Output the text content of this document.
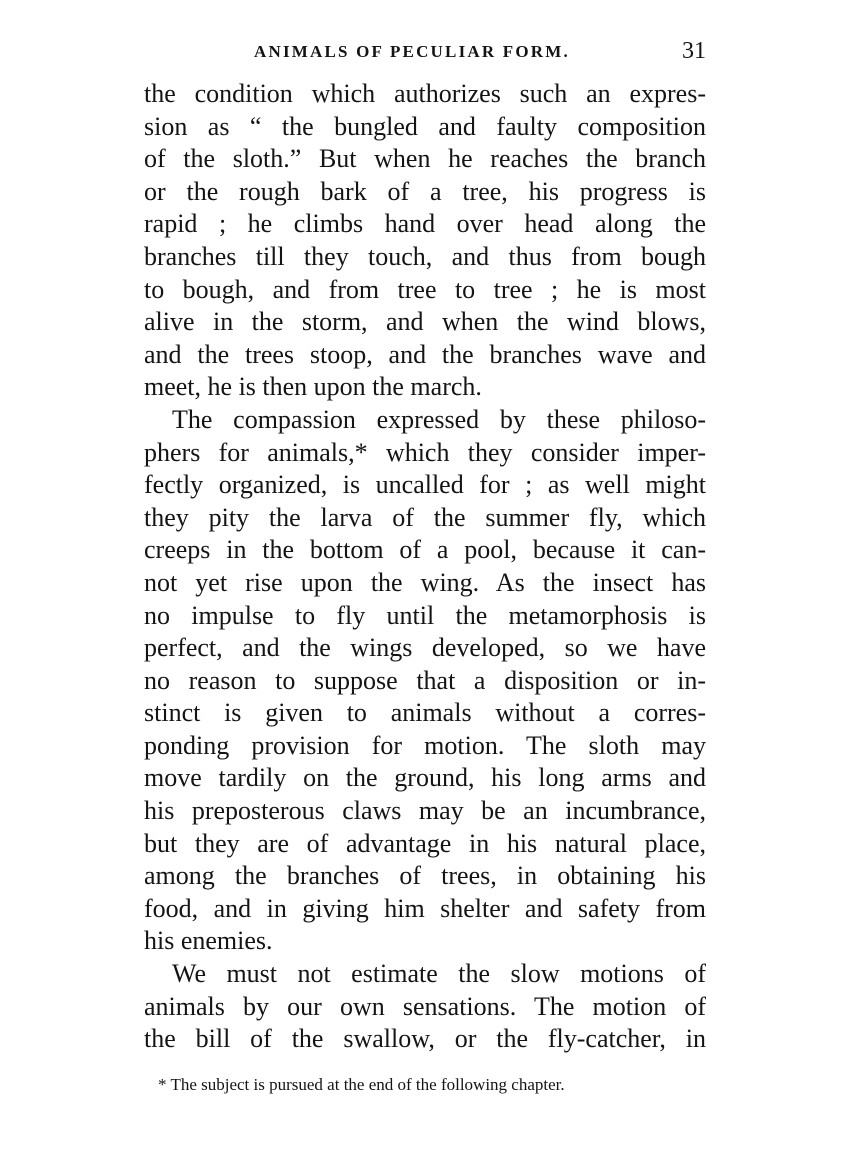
ANIMALS OF PECULIAR FORM.	31
the condition which authorizes such an expres-
sion as “ the bungled and faulty composition
of the sloth.” But when he reaches the branch
or the rough bark of a tree, his progress is
rapid ; he climbs hand over head along the
branches till they touch, and thus from bough
to bough, and from tree to tree ; he is most
alive in the storm, and when the wind blows,
and the trees stoop, and the branches wave and
meet, he is then upon the march.
The compassion expressed by these philoso-
phers for animals,* which they consider imper-
fectly organized, is uncalled for ; as well might
they pity the larva of the summer fly, which
creeps in the bottom of a pool, because it can-
not yet rise upon the wing. As the insect has
no impulse to fly until the metamorphosis is
perfect, and the wings developed, so we have
no reason to suppose that a disposition or in-
stinct is given to animals without a corres-
ponding provision for motion. The sloth may
move tardily on the ground, his long arms and
his preposterous claws may be an incumbrance,
but they are of advantage in his natural place,
among the branches of trees, in obtaining his
food, and in giving him shelter and safety from
his enemies.
We must not estimate the slow motions of
animals by our own sensations. The motion of
the bill of the swallow, or the fly-catcher, in
* The subject is pursued at the end of the following chapter.
